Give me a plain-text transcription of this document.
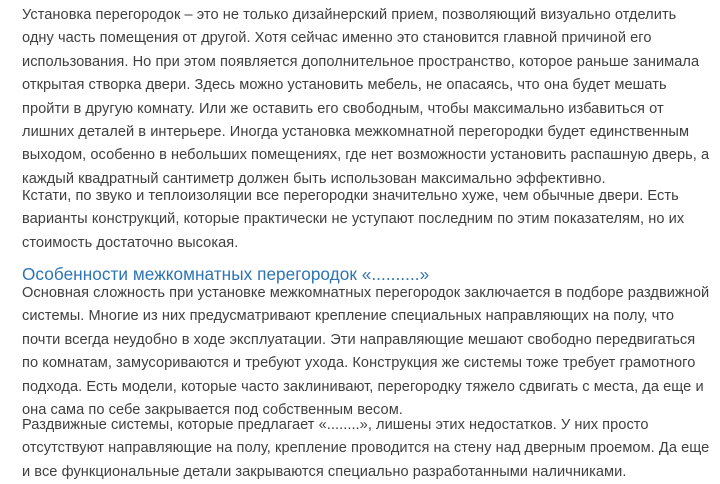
Установка перегородок – это не только дизайнерский прием, позволяющий визуально отделить одну часть помещения от другой. Хотя сейчас именно это становится главной причиной его использования. Но при этом появляется дополнительное пространство, которое раньше занимала открытая створка двери. Здесь можно установить мебель, не опасаясь, что она будет мешать пройти в другую комнату. Или же оставить его свободным, чтобы максимально избавиться от лишних деталей в интерьере. Иногда установка межкомнатной перегородки будет единственным выходом, особенно в небольших помещениях, где нет возможности установить распашную дверь, а каждый квадратный сантиметр должен быть использован максимально эффективно.

Кстати, по звуко и теплоизоляции все перегородки значительно хуже, чем обычные двери. Есть варианты конструкций, которые практически не уступают последним по этим показателям, но их стоимость достаточно высокая.

Особенности межкомнатных перегородок «..........»

Основная сложность при установке межкомнатных перегородок заключается в подборе раздвижной системы. Многие из них предусматривают крепление специальных направляющих на полу, что почти всегда неудобно в ходе эксплуатации. Эти направляющие мешают свободно передвигаться по комнатам, замусориваются и требуют ухода. Конструкция же системы тоже требует грамотного подхода. Есть модели, которые часто заклинивают, перегородку тяжело сдвигать с места, да еще и она сама по себе закрывается под собственным весом.

Раздвижные системы, которые предлагает «........», лишены этих недостатков. У них просто отсутствуют направляющие на полу, крепление проводится на стену над дверным проемом. Да еще и все функциональные детали закрываются специально разработанными наличниками.
